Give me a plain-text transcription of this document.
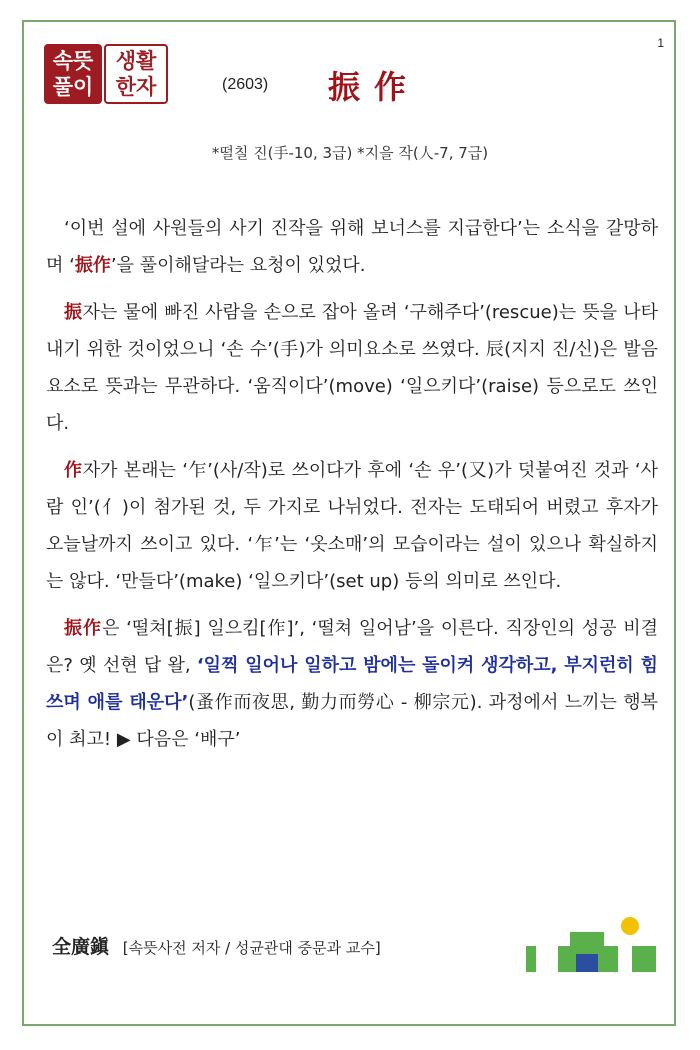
1
속뜻
풀이
생활
한자	(2603) 振作
*떨칠 진(手-10, 3급) *지을 작(人-7, 7급)

‘이번 설에 사원들의 사기 진작을 위해 보너스를 지급한다’는 소식을 갈망하며 ‘振作’을 풀이해달라는 요청이 있었다.

振자는 물에 빠진 사람을 손으로 잡아 올려 ‘구해주다’(rescue)는 뜻을 나타내기 위한 것이었으니 ‘손 수’(手)가 의미요소로 쓰였다. 辰(지지 진/신)은 발음요소로 뜻과는 무관하다. ‘움직이다’(move) ‘일으키다’(raise) 등으로도 쓰인다.

作자가 본래는 ‘乍’(사/작)로 쓰이다가 후에 ‘손 우’(又)가 덧붙여진 것과 ‘사람 인’(亻)이 첨가된 것, 두 가지로 나뉘었다. 전자는 도태되어 버렸고 후자가 오늘날까지 쓰이고 있다. ‘乍’는 ‘옷소매’의 모습이라는 설이 있으나 확실하지는 않다. ‘만들다’(make) ‘일으키다’(set up) 등의 의미로 쓰인다.

振作은 ‘떨쳐[振] 일으킴[作]’, ‘떨쳐 일어남’을 이른다. 직장인의 성공 비결은? 옛 선현 답 왈, ‘일찍 일어나 일하고 밤에는 돌이켜 생각하고, 부지런히 힘쓰며 애를 태운다’(蚤作而夜思, 勤力而勞心 - 柳宗元). 과정에서 느끼는 행복이 최고! ▶ 다음은 ‘배구’

全廣鎭 [속뜻사전 저자 / 성균관대 중문과 교수]
